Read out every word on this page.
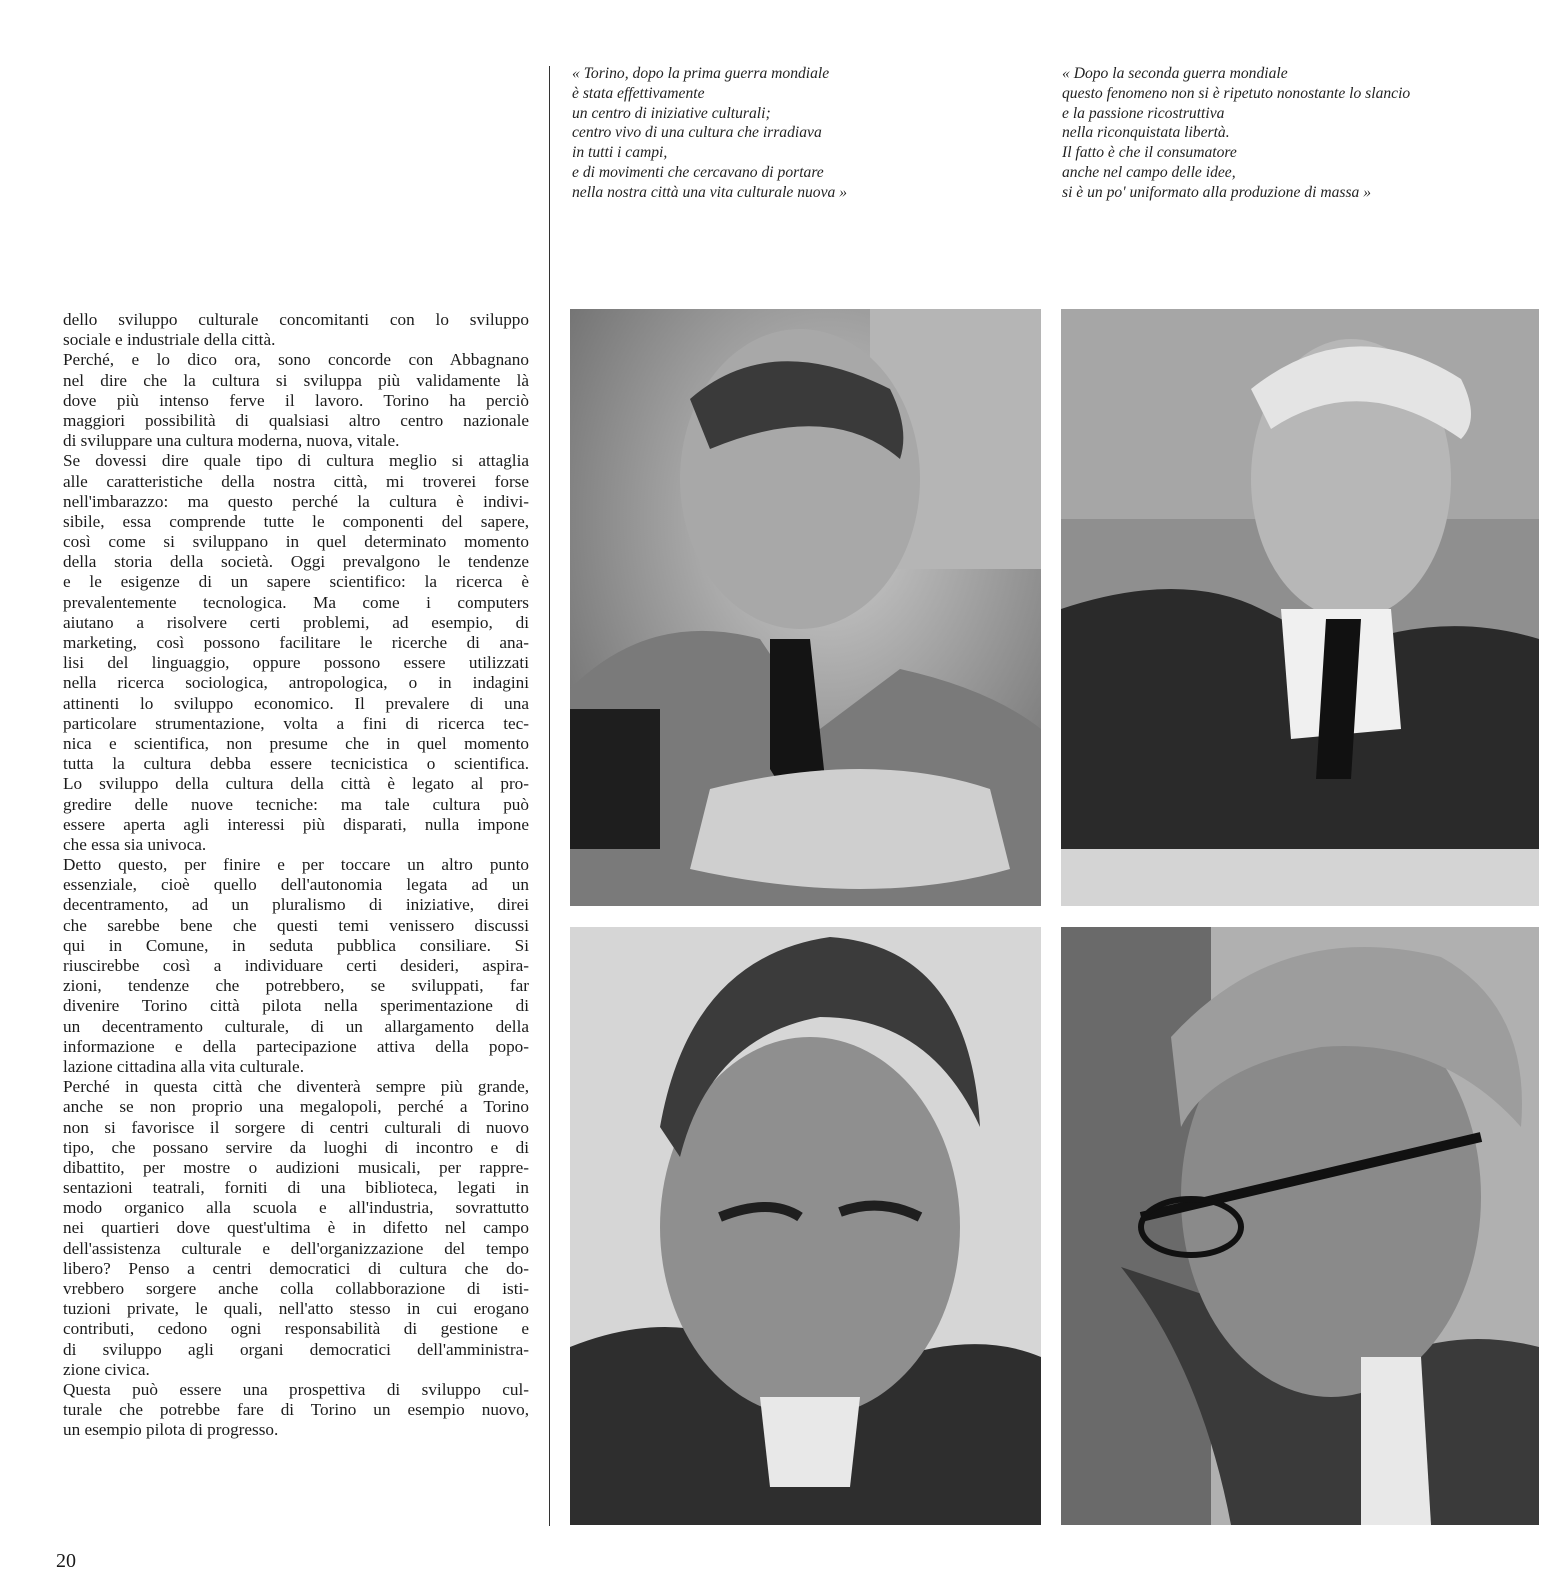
« Torino, dopo la prima guerra mondiale
è stata effettivamente
un centro di iniziative culturali;
centro vivo di una cultura che irradiava
in tutti i campi,
e di movimenti che cercavano di portare
nella nostra città una vita culturale nuova »
« Dopo la seconda guerra mondiale
questo fenomeno non si è ripetuto nonostante lo slancio
e la passione ricostruttiva
nella riconquistata libertà.
Il fatto è che il consumatore
anche nel campo delle idee,
si è un po' uniformato alla produzione di massa »
dello sviluppo culturale concomitanti con lo sviluppo
sociale e industriale della città.
Perché, e lo dico ora, sono concorde con Abbagnano
nel dire che la cultura si sviluppa più validamente là
dove più intenso ferve il lavoro. Torino ha perciò
maggiori possibilità di qualsiasi altro centro nazionale
di sviluppare una cultura moderna, nuova, vitale.
Se dovessi dire quale tipo di cultura meglio si attaglia
alle caratteristiche della nostra città, mi troverei forse
nell'imbarazzo: ma questo perché la cultura è indivi-
sibile, essa comprende tutte le componenti del sapere,
così come si sviluppano in quel determinato momento
della storia della società. Oggi prevalgono le tendenze
e le esigenze di un sapere scientifico: la ricerca è
prevalentemente tecnologica. Ma come i computers
aiutano a risolvere certi problemi, ad esempio, di
marketing, così possono facilitare le ricerche di ana-
lisi del linguaggio, oppure possono essere utilizzati
nella ricerca sociologica, antropologica, o in indagini
attinenti lo sviluppo economico. Il prevalere di una
particolare strumentazione, volta a fini di ricerca tec-
nica e scientifica, non presume che in quel momento
tutta la cultura debba essere tecnicistica o scientifica.
Lo sviluppo della cultura della città è legato al pro-
gredire delle nuove tecniche: ma tale cultura può
essere aperta agli interessi più disparati, nulla impone
che essa sia univoca.
Detto questo, per finire e per toccare un altro punto
essenziale, cioè quello dell'autonomia legata ad un
decentramento, ad un pluralismo di iniziative, direi
che sarebbe bene che questi temi venissero discussi
qui in Comune, in seduta pubblica consiliare. Si
riuscirebbe così a individuare certi desideri, aspira-
zioni, tendenze che potrebbero, se sviluppati, far
divenire Torino città pilota nella sperimentazione di
un decentramento culturale, di un allargamento della
informazione e della partecipazione attiva della popo-
lazione cittadina alla vita culturale.
Perché in questa città che diventerà sempre più grande,
anche se non proprio una megalopoli, perché a Torino
non si favorisce il sorgere di centri culturali di nuovo
tipo, che possano servire da luoghi di incontro e di
dibattito, per mostre o audizioni musicali, per rappre-
sentazioni teatrali, forniti di una biblioteca, legati in
modo organico alla scuola e all'industria, sovrattutto
nei quartieri dove quest'ultima è in difetto nel campo
dell'assistenza culturale e dell'organizzazione del tempo
libero? Penso a centri democratici di cultura che do-
vrebbero sorgere anche colla collabborazione di isti-
tuzioni private, le quali, nell'atto stesso in cui erogano
contributi, cedono ogni responsabilità di gestione e
di sviluppo agli organi democratici dell'amministra-
zione civica.
Questa può essere una prospettiva di sviluppo cul-
turale che potrebbe fare di Torino un esempio nuovo,
un esempio pilota di progresso.
20
